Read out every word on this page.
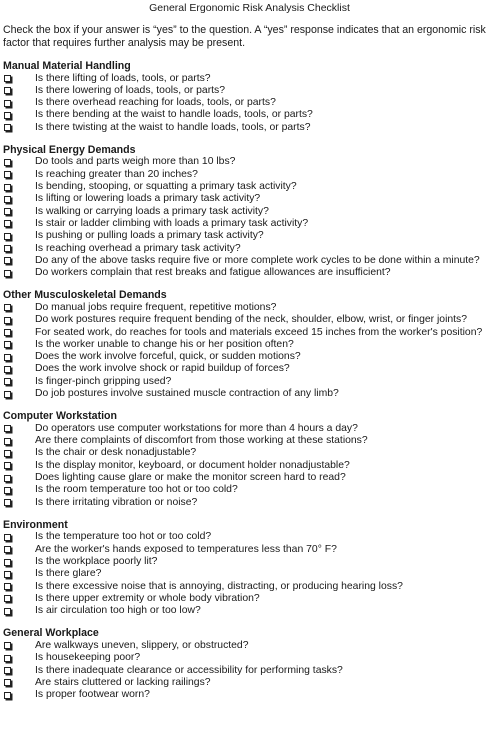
General Ergonomic Risk Analysis Checklist
Check the box if your answer is “yes” to the question. A “yes” response indicates that an ergonomic risk factor that requires further analysis may be present.
Manual Material Handling
Is there lifting of loads, tools, or parts?
Is there lowering of loads, tools, or parts?
Is there overhead reaching for loads, tools, or parts?
Is there bending at the waist to handle loads, tools, or parts?
Is there twisting at the waist to handle loads, tools, or parts?
Physical Energy Demands
Do tools and parts weigh more than 10 lbs?
Is reaching greater than 20 inches?
Is bending, stooping, or squatting a primary task activity?
Is lifting or lowering loads a primary task activity?
Is walking or carrying loads a primary task activity?
Is stair or ladder climbing with loads a primary task activity?
Is pushing or pulling loads a primary task activity?
Is reaching overhead a primary task activity?
Do any of the above tasks require five or more complete work cycles to be done within a minute?
Do workers complain that rest breaks and fatigue allowances are insufficient?
Other Musculoskeletal Demands
Do manual jobs require frequent, repetitive motions?
Do work postures require frequent bending of the neck, shoulder, elbow, wrist, or finger joints?
For seated work, do reaches for tools and materials exceed 15 inches from the worker's position?
Is the worker unable to change his or her position often?
Does the work involve forceful, quick, or sudden motions?
Does the work involve shock or rapid buildup of forces?
Is finger-pinch gripping used?
Do job postures involve sustained muscle contraction of any limb?
Computer Workstation
Do operators use computer workstations for more than 4 hours a day?
Are there complaints of discomfort from those working at these stations?
Is the chair or desk nonadjustable?
Is the display monitor, keyboard, or document holder nonadjustable?
Does lighting cause glare or make the monitor screen hard to read?
Is the room temperature too hot or too cold?
Is there irritating vibration or noise?
Environment
Is the temperature too hot or too cold?
Are the worker's hands exposed to temperatures less than 70° F?
Is the workplace poorly lit?
Is there glare?
Is there excessive noise that is annoying, distracting, or producing hearing loss?
Is there upper extremity or whole body vibration?
Is air circulation too high or too low?
General Workplace
Are walkways uneven, slippery, or obstructed?
Is housekeeping poor?
Is there inadequate clearance or accessibility for performing tasks?
Are stairs cluttered or lacking railings?
Is proper footwear worn?
